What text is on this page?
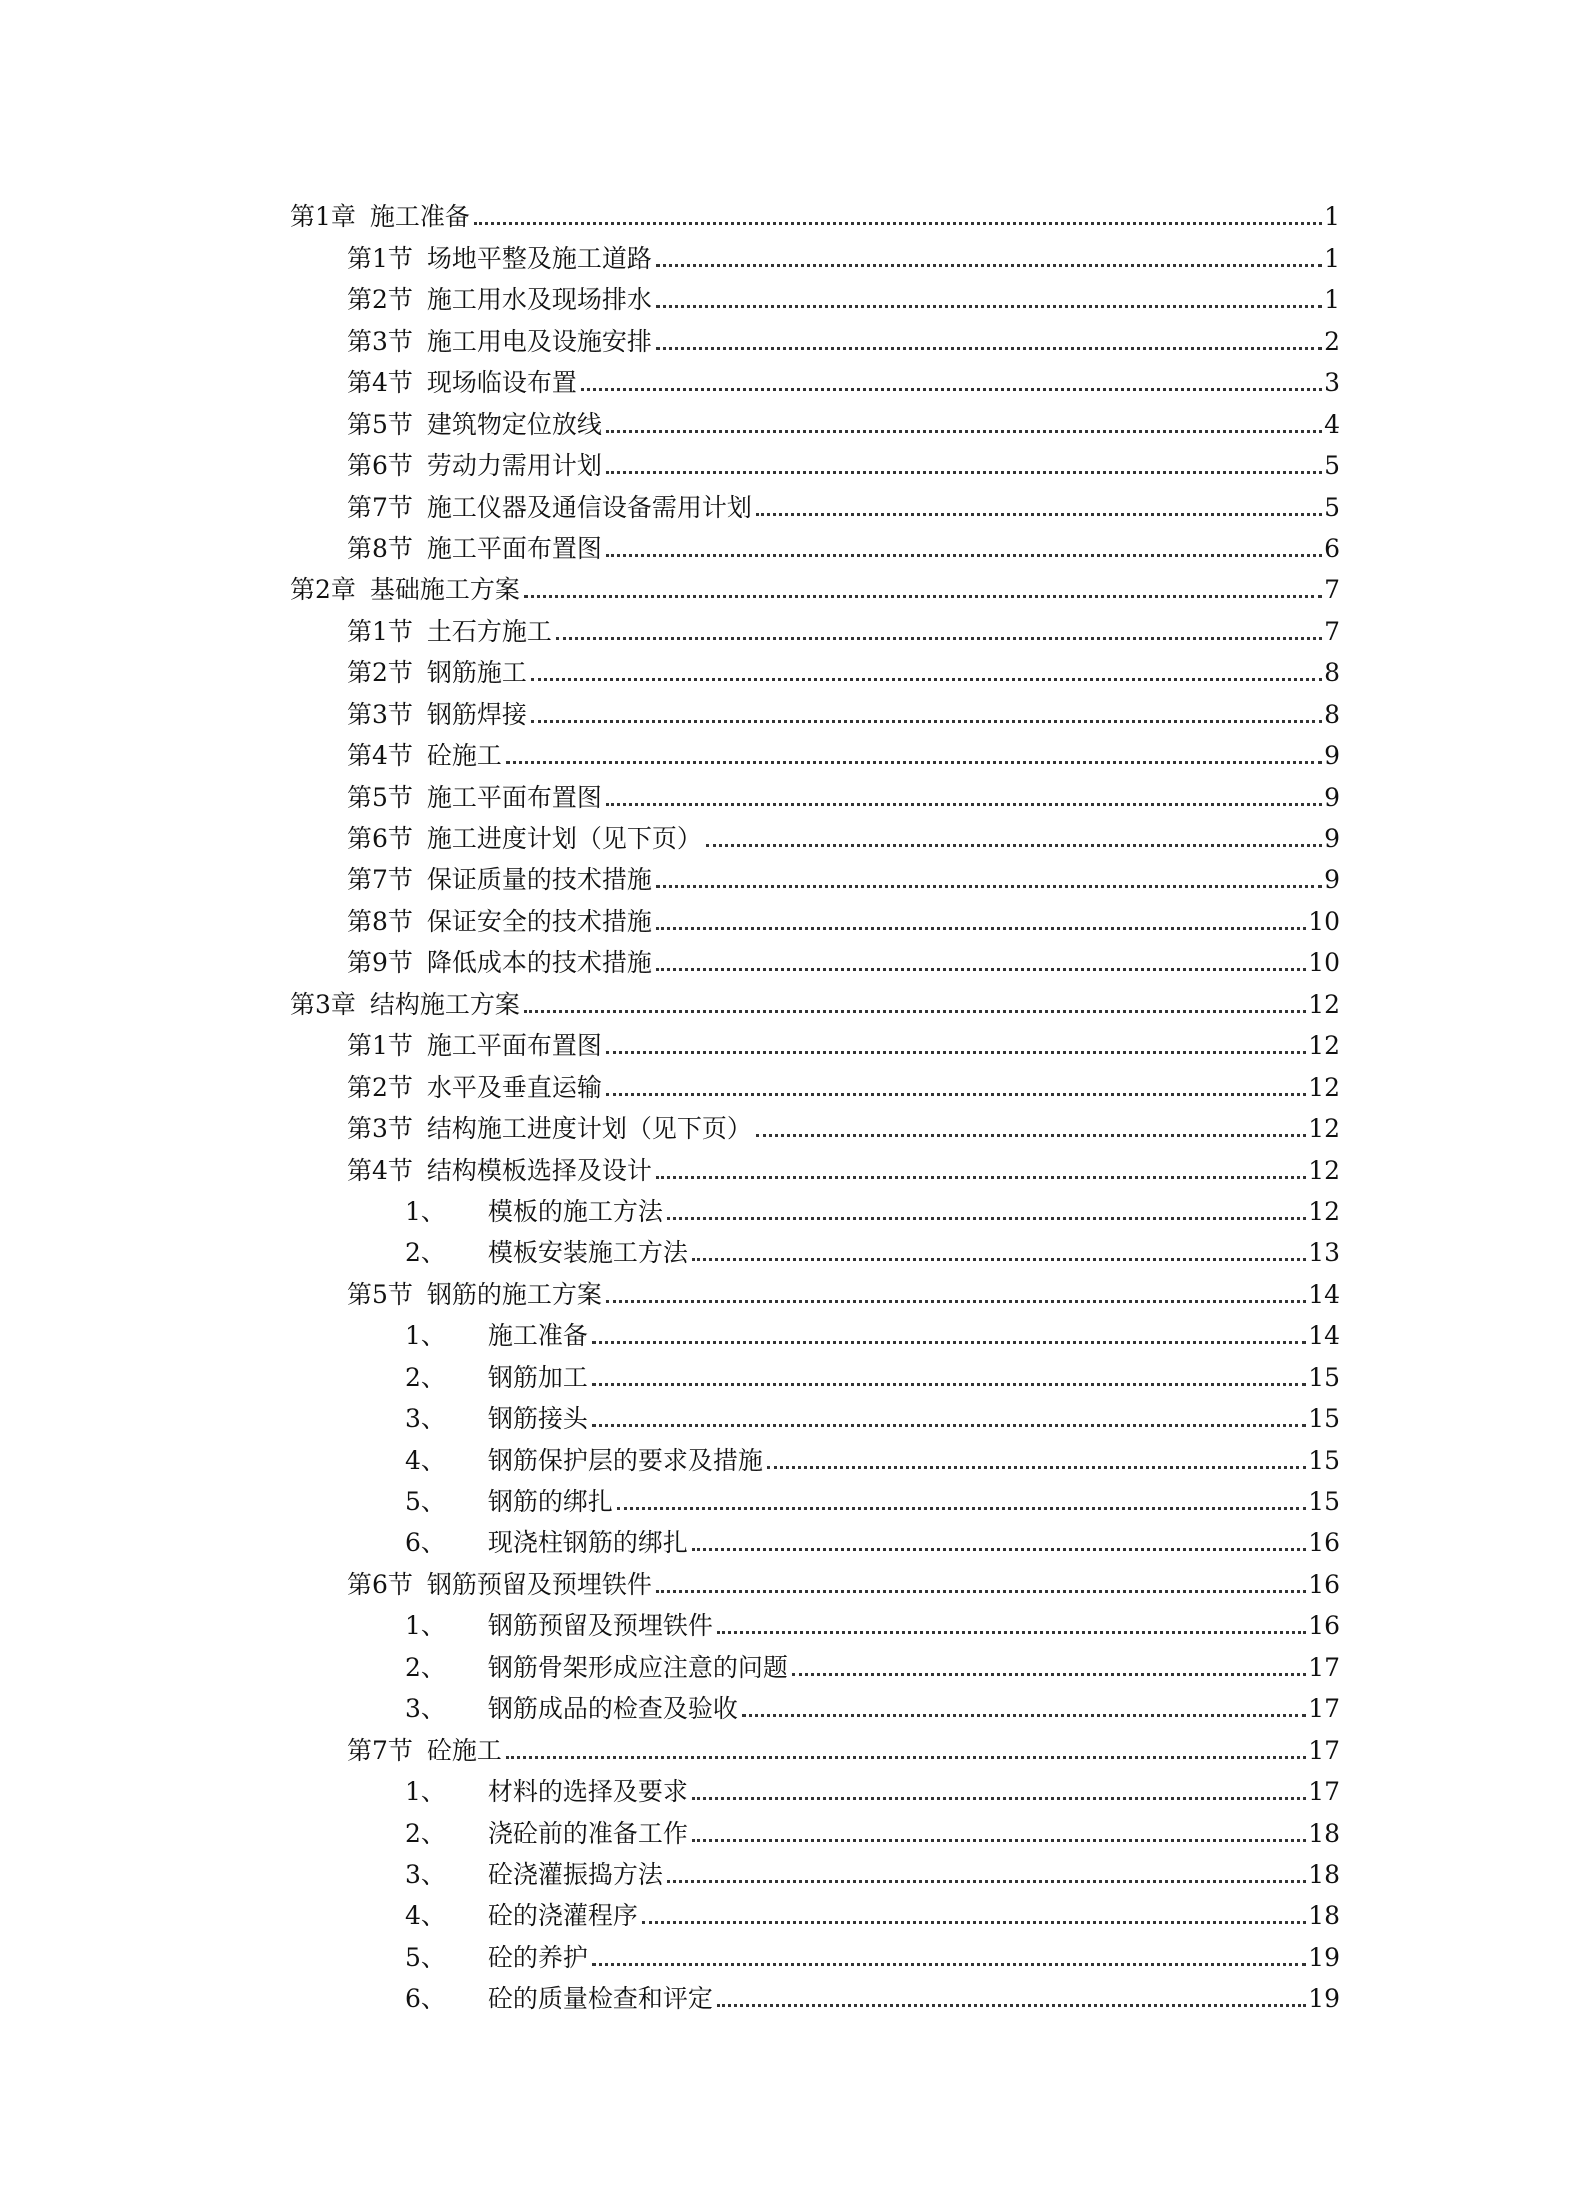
第1章 施工准备	1
第1节 场地平整及施工道路	1
第2节 施工用水及现场排水	1
第3节 施工用电及设施安排	2
第4节 现场临设布置	3
第5节 建筑物定位放线	4
第6节 劳动力需用计划	5
第7节 施工仪器及通信设备需用计划	5
第8节 施工平面布置图	6
第2章 基础施工方案	7
第1节 土石方施工	7
第2节 钢筋施工	8
第3节 钢筋焊接	8
第4节 砼施工	9
第5节 施工平面布置图	9
第6节 施工进度计划（见下页）	9
第7节 保证质量的技术措施	9
第8节 保证安全的技术措施	10
第9节 降低成本的技术措施	10
第3章 结构施工方案	12
第1节 施工平面布置图	12
第2节 水平及垂直运输	12
第3节 结构施工进度计划（见下页）	12
第4节 结构模板选择及设计	12
1、 模板的施工方法	12
2、 模板安装施工方法	13
第5节 钢筋的施工方案	14
1、 施工准备	14
2、 钢筋加工	15
3、 钢筋接头	15
4、 钢筋保护层的要求及措施	15
5、 钢筋的绑扎	15
6、 现浇柱钢筋的绑扎	16
第6节 钢筋预留及预埋铁件	16
1、 钢筋预留及预埋铁件	16
2、 钢筋骨架形成应注意的问题	17
3、 钢筋成品的检查及验收	17
第7节 砼施工	17
1、 材料的选择及要求	17
2、 浇砼前的准备工作	18
3、 砼浇灌振捣方法	18
4、 砼的浇灌程序	18
5、 砼的养护	19
6、 砼的质量检查和评定	19
